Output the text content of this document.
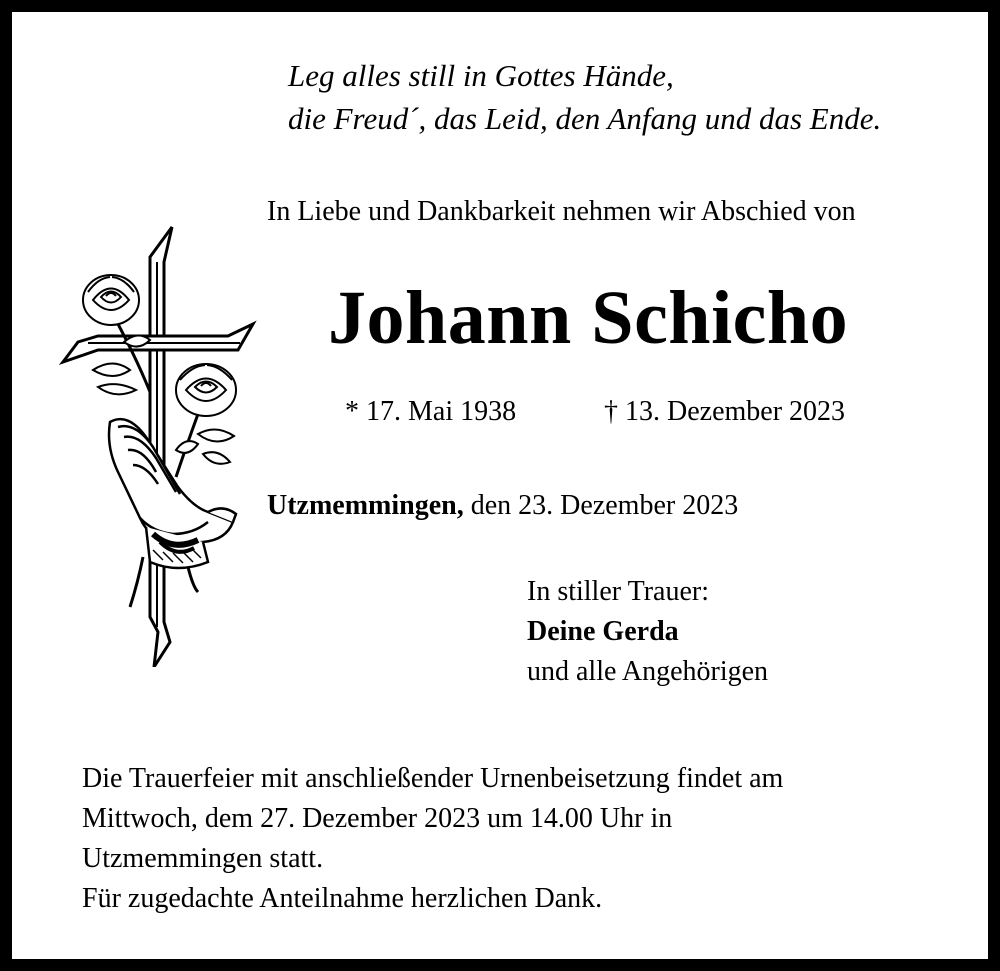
Leg alles still in Gottes Hände,
die Freud´, das Leid, den Anfang und das Ende.
In Liebe und Dankbarkeit nehmen wir Abschied von
Johann Schicho
* 17. Mai 1938	† 13. Dezember 2023
Utzmemmingen, den 23. Dezember 2023
In stiller Trauer:
Deine Gerda
und alle Angehörigen
Die Trauerfeier mit anschließender Urnenbeisetzung findet am
Mittwoch, dem 27. Dezember 2023 um 14.00 Uhr in
Utzmemmingen statt.
Für zugedachte Anteilnahme herzlichen Dank.
